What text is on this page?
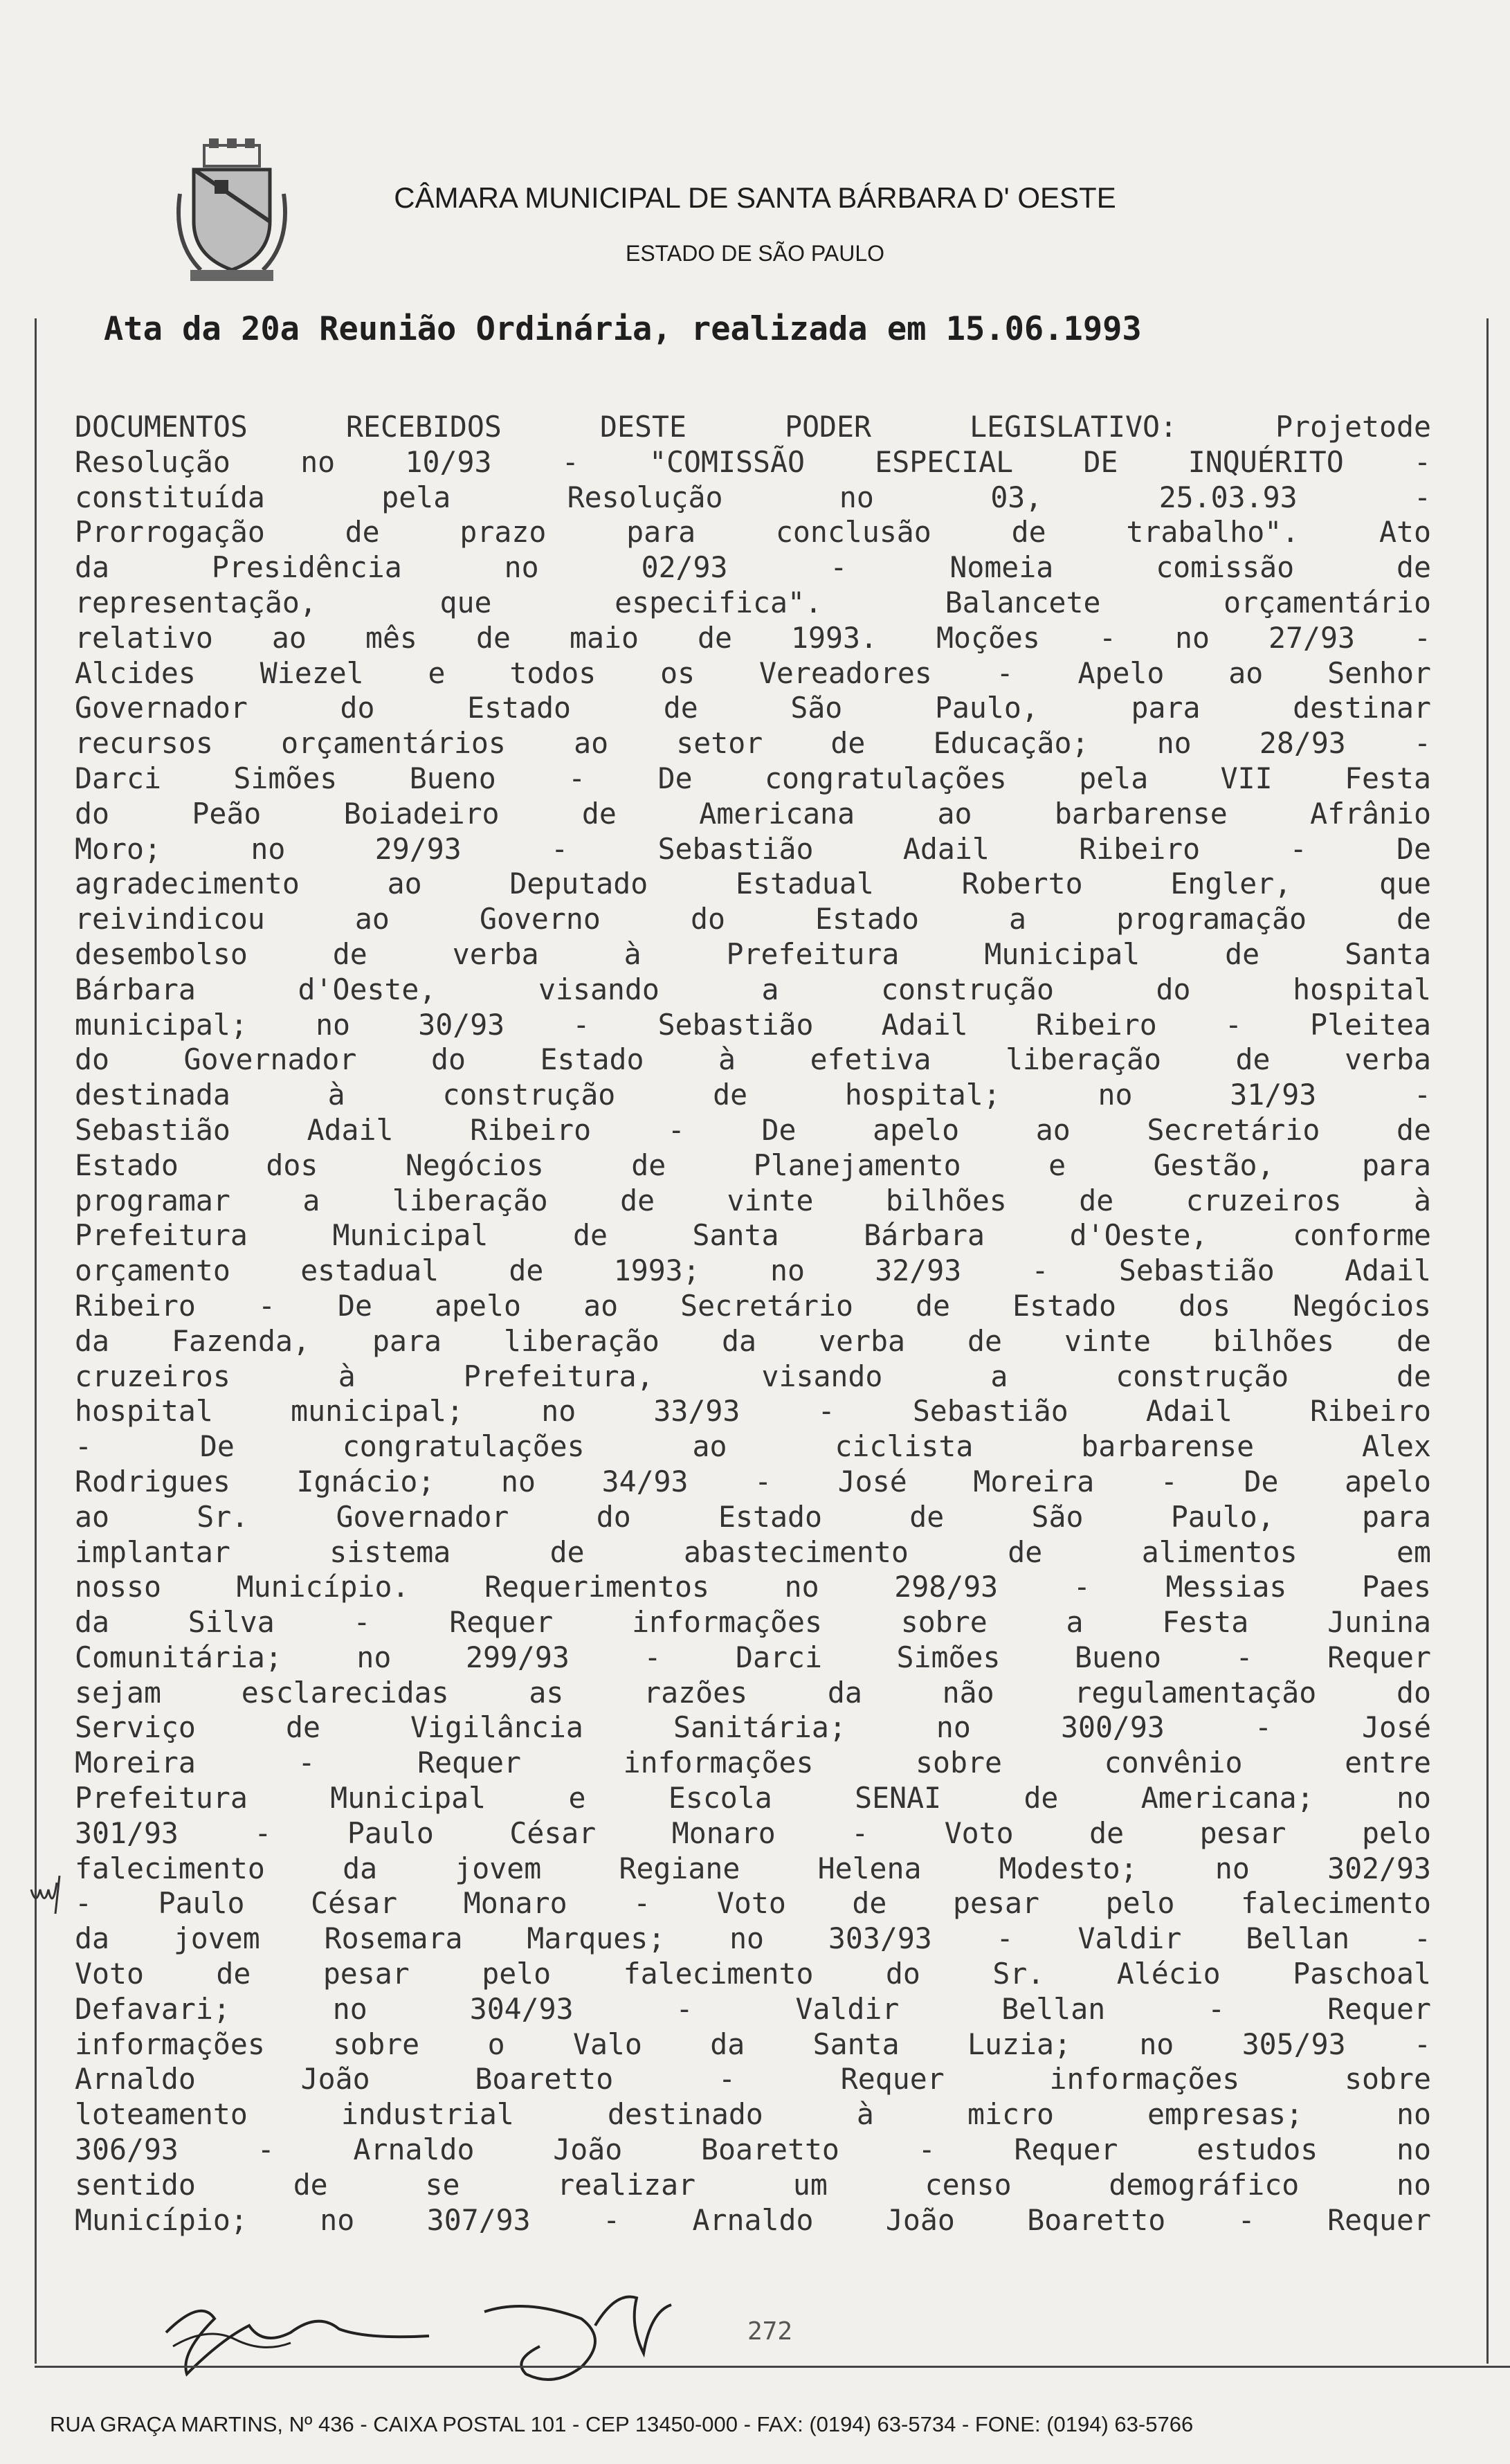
CÂMARA MUNICIPAL DE SANTA BÁRBARA D' OESTE
ESTADO DE SÃO PAULO
Ata da 20a Reunião Ordinária, realizada em 15.06.1993
DOCUMENTOS RECEBIDOS DESTE PODER LEGISLATIVO: Projetode
Resolução no 10/93 - "COMISSÃO ESPECIAL DE INQUÉRITO -
constituída pela Resolução no 03, 25.03.93 -
Prorrogação de prazo para conclusão de trabalho". Ato
da Presidência no 02/93 - Nomeia comissão de
representação, que especifica". Balancete orçamentário
relativo ao mês de maio de 1993. Moções - no 27/93 -
Alcides Wiezel e todos os Vereadores - Apelo ao Senhor
Governador do Estado de São Paulo, para destinar
recursos orçamentários ao setor de Educação; no 28/93 -
Darci Simões Bueno - De congratulações pela VII Festa
do Peão Boiadeiro de Americana ao barbarense Afrânio
Moro; no 29/93 - Sebastião Adail Ribeiro - De
agradecimento ao Deputado Estadual Roberto Engler, que
reivindicou ao Governo do Estado a programação de
desembolso de verba à Prefeitura Municipal de Santa
Bárbara d'Oeste, visando a construção do hospital
municipal; no 30/93 - Sebastião Adail Ribeiro - Pleitea
do Governador do Estado à efetiva liberação de verba
destinada à construção de hospital; no 31/93 -
Sebastião Adail Ribeiro - De apelo ao Secretário de
Estado dos Negócios de Planejamento e Gestão, para
programar a liberação de vinte bilhões de cruzeiros à
Prefeitura Municipal de Santa Bárbara d'Oeste, conforme
orçamento estadual de 1993; no 32/93 - Sebastião Adail
Ribeiro - De apelo ao Secretário de Estado dos Negócios
da Fazenda, para liberação da verba de vinte bilhões de
cruzeiros à Prefeitura, visando a construção de
hospital municipal; no 33/93 - Sebastião Adail Ribeiro
- De congratulações ao ciclista barbarense Alex
Rodrigues Ignácio; no 34/93 - José Moreira - De apelo
ao Sr. Governador do Estado de São Paulo, para
implantar sistema de abastecimento de alimentos em
nosso Município. Requerimentos no 298/93 - Messias Paes
da Silva - Requer informações sobre a Festa Junina
Comunitária; no 299/93 - Darci Simões Bueno - Requer
sejam esclarecidas as razões da não regulamentação do
Serviço de Vigilância Sanitária; no 300/93 - José
Moreira - Requer informações sobre convênio entre
Prefeitura Municipal e Escola SENAI de Americana; no
301/93 - Paulo César Monaro - Voto de pesar pelo
falecimento da jovem Regiane Helena Modesto; no 302/93
- Paulo César Monaro - Voto de pesar pelo falecimento
da jovem Rosemara Marques; no 303/93 - Valdir Bellan -
Voto de pesar pelo falecimento do Sr. Alécio Paschoal
Defavari; no 304/93 - Valdir Bellan - Requer
informações sobre o Valo da Santa Luzia; no 305/93 -
Arnaldo João Boaretto - Requer informações sobre
loteamento industrial destinado à micro empresas; no
306/93 - Arnaldo João Boaretto - Requer estudos no
sentido de se realizar um censo demográfico no
Município; no 307/93 - Arnaldo João Boaretto - Requer
272
RUA GRAÇA MARTINS, Nº 436 - CAIXA POSTAL 101 - CEP 13450-000 - FAX: (0194) 63-5734 - FONE: (0194) 63-5766
